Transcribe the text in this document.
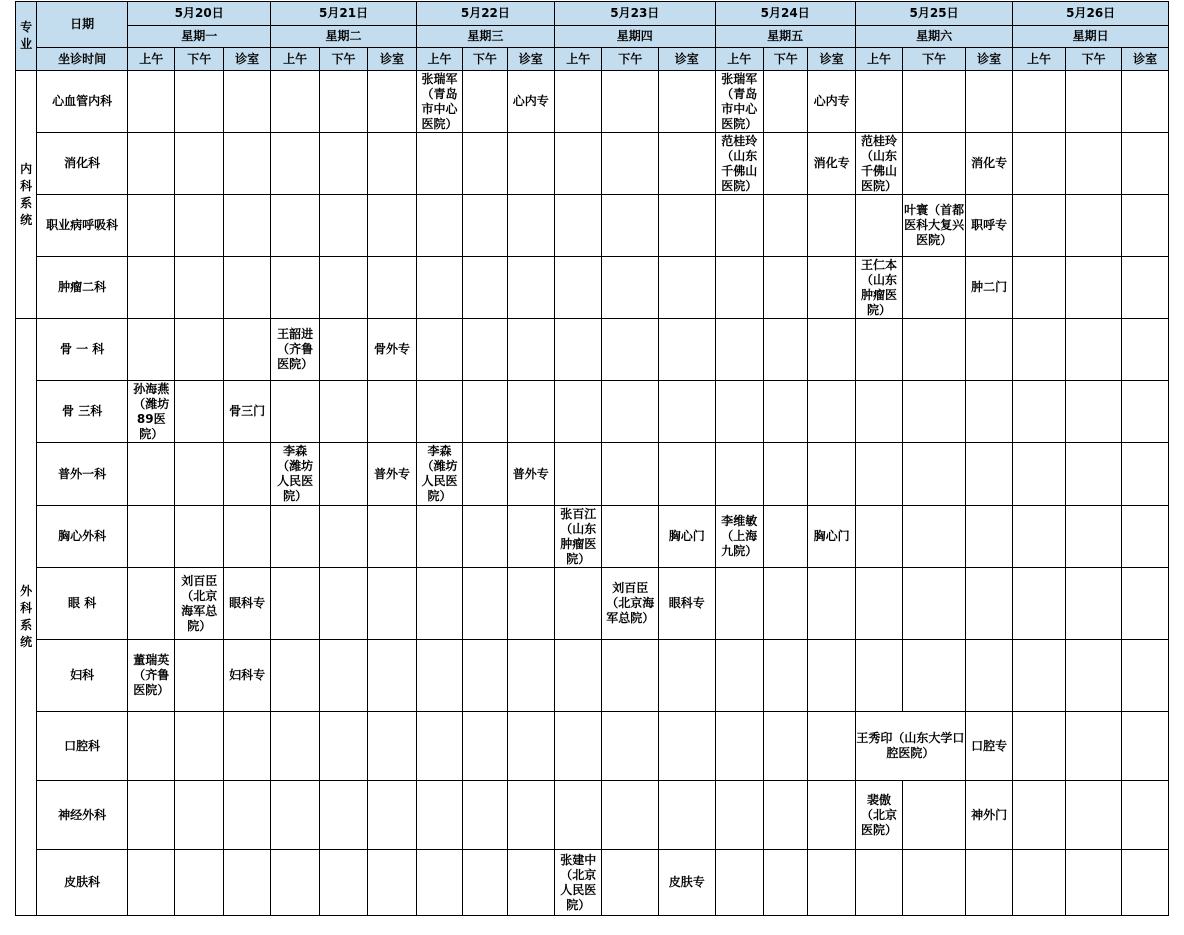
专业	日期	5月20日			5月21日			5月22日			5月23日			5月24日			5月25日			5月26日		
		星期一			星期二			星期三			星期四			星期五			星期六			星期日		
	坐诊时间	上午	下午	诊室	上午	下午	诊室	上午	下午	诊室	上午	下午	诊室	上午	下午	诊室	上午	下午	诊室	上午	下午	诊室
内科系统	心血管内科							张瑞军（青岛市中心医院）		心内专				张瑞军（青岛市中心医院）		心内专						
	消化科													范桂玲（山东千佛山医院）		消化专	范桂玲（山东千佛山医院）		消化专			
	职业病呼吸科																	叶寰（首都医科大复兴医院）	职呼专			
	肿瘤二科																王仁本（山东肿瘤医院）		肿二门			
外科系统	骨 一 科				王韶进（齐鲁医院）		骨外专															
	骨 三科	孙海燕（潍坊89医院）		骨三门																		
	普外一科				李森（潍坊人民医院）		普外专	李森（潍坊人民医院）		普外专												
	胸心外科										张百江（山东肿瘤医院）		胸心门	李维敏（上海九院）		胸心门						
	眼 科		刘百臣（北京海军总院）	眼科专								刘百臣（北京海军总院）	眼科专									
	妇科	董瑞英（齐鲁医院）		妇科专																		
	口腔科																王秀印（山东大学口腔医院）		口腔专			
	神经外科																裴傲（北京医院）		神外门			
	皮肤科										张建中（北京人民医院）		皮肤专									
